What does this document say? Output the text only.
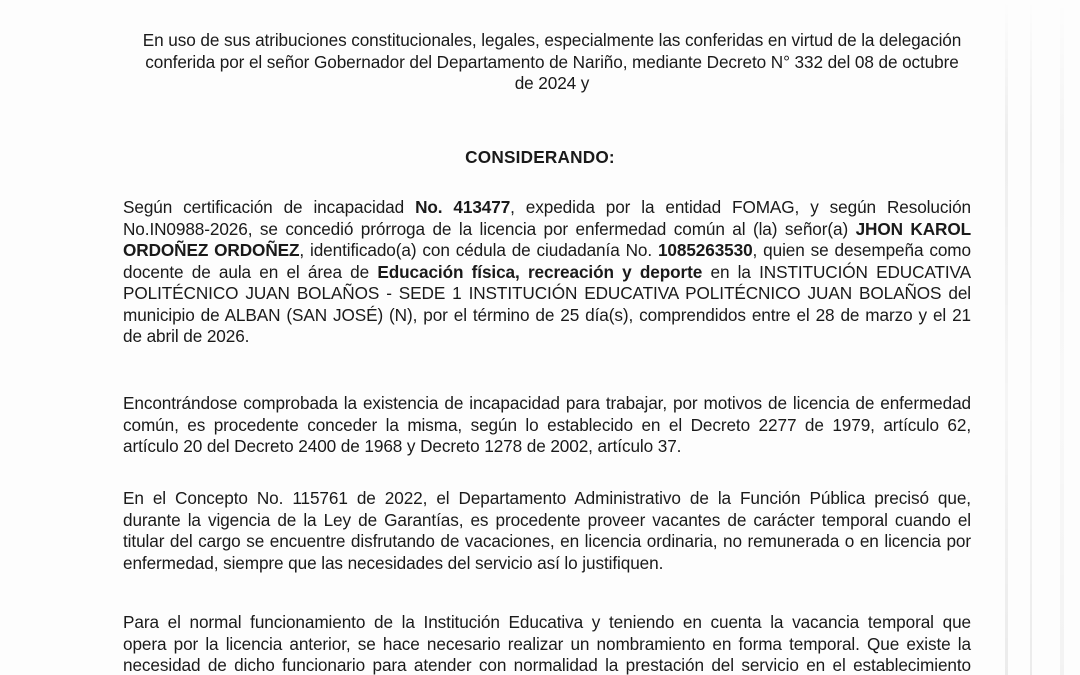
En uso de sus atribuciones constitucionales, legales, especialmente las conferidas en virtud de la delegación
conferida por el señor Gobernador del Departamento de Nariño, mediante Decreto N° 332 del 08 de octubre
de 2024 y
CONSIDERANDO:
Según certificación de incapacidad No. 413477, expedida por la entidad FOMAG, y según Resolución
No.IN0988-2026, se concedió prórroga de la licencia por enfermedad común al (la) señor(a) JHON KAROL
ORDOÑEZ ORDOÑEZ, identificado(a) con cédula de ciudadanía No. 1085263530, quien se desempeña como
docente de aula en el área de Educación física, recreación y deporte en la INSTITUCIÓN EDUCATIVA
POLITÉCNICO JUAN BOLAÑOS - SEDE 1 INSTITUCIÓN EDUCATIVA POLITÉCNICO JUAN BOLAÑOS del
municipio de ALBAN (SAN JOSÉ) (N), por el término de 25 día(s), comprendidos entre el 28 de marzo y el 21
de abril de 2026.
Encontrándose comprobada la existencia de incapacidad para trabajar, por motivos de licencia de enfermedad
común, es procedente conceder la misma, según lo establecido en el Decreto 2277 de 1979, artículo 62,
artículo 20 del Decreto 2400 de 1968 y Decreto 1278 de 2002, artículo 37.
En el Concepto No. 115761 de 2022, el Departamento Administrativo de la Función Pública precisó que,
durante la vigencia de la Ley de Garantías, es procedente proveer vacantes de carácter temporal cuando el
titular del cargo se encuentre disfrutando de vacaciones, en licencia ordinaria, no remunerada o en licencia por
enfermedad, siempre que las necesidades del servicio así lo justifiquen.
Para el normal funcionamiento de la Institución Educativa y teniendo en cuenta la vacancia temporal que
opera por la licencia anterior, se hace necesario realizar un nombramiento en forma temporal. Que existe la
necesidad de dicho funcionario para atender con normalidad la prestación del servicio en el establecimiento
